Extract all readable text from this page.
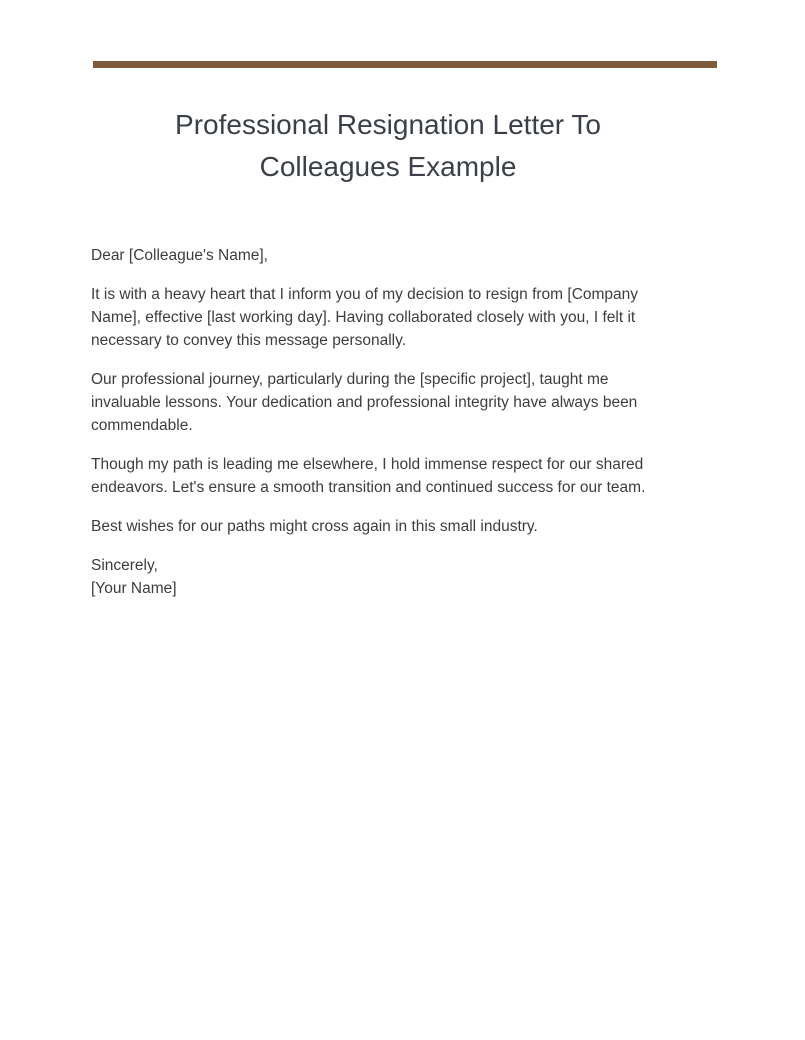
Professional Resignation Letter To Colleagues Example

Dear [Colleague's Name],

It is with a heavy heart that I inform you of my decision to resign from [Company Name], effective [last working day]. Having collaborated closely with you, I felt it necessary to convey this message personally.

Our professional journey, particularly during the [specific project], taught me invaluable lessons. Your dedication and professional integrity have always been commendable.

Though my path is leading me elsewhere, I hold immense respect for our shared endeavors. Let's ensure a smooth transition and continued success for our team.

Best wishes for our paths might cross again in this small industry.

Sincerely,

[Your Name]
